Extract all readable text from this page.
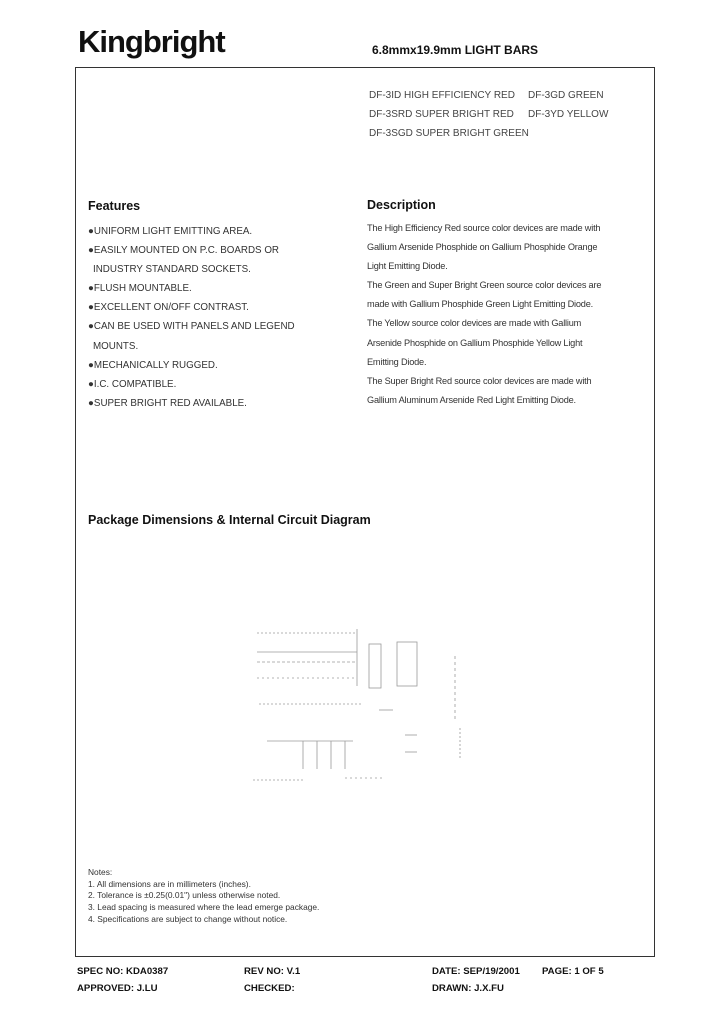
Kingbright	6.8mmx19.9mm LIGHT BARS
DF-3ID HIGH EFFICIENCY RED DF-3GD GREEN
DF-3SRD SUPER BRIGHT RED DF-3YD YELLOW
DF-3SGD SUPER BRIGHT GREEN
Features	Description
●UNIFORM LIGHT EMITTING AREA.
●EASILY MOUNTED ON P.C. BOARDS OR
INDUSTRY STANDARD SOCKETS.
●FLUSH MOUNTABLE.
●EXCELLENT ON/OFF CONTRAST.
●CAN BE USED WITH PANELS AND LEGEND
MOUNTS.
●MECHANICALLY RUGGED.
●I.C. COMPATIBLE.
●SUPER BRIGHT RED AVAILABLE.
The High Efficiency Red source color devices are made with
Gallium Arsenide Phosphide on Gallium Phosphide Orange
Light Emitting Diode.
The Green and Super Bright Green source color devices are
made with Gallium Phosphide Green Light Emitting Diode.
The Yellow source color devices are made with Gallium
Arsenide Phosphide on Gallium Phosphide Yellow Light
Emitting Diode.
The Super Bright Red source color devices are made with
Gallium Aluminum Arsenide Red Light Emitting Diode.
Package Dimensions & Internal Circuit Diagram
Notes:
1. All dimensions are in millimeters (inches).
2. Tolerance is ±0.25(0.01") unless otherwise noted.
3. Lead spacing is measured where the lead emerge package.
4. Specifications are subject to change without notice.
SPEC NO: KDA0387	REV NO: V.1	DATE: SEP/19/2001 PAGE: 1 OF 5
APPROVED: J.LU	CHECKED:	DRAWN: J.X.FU
